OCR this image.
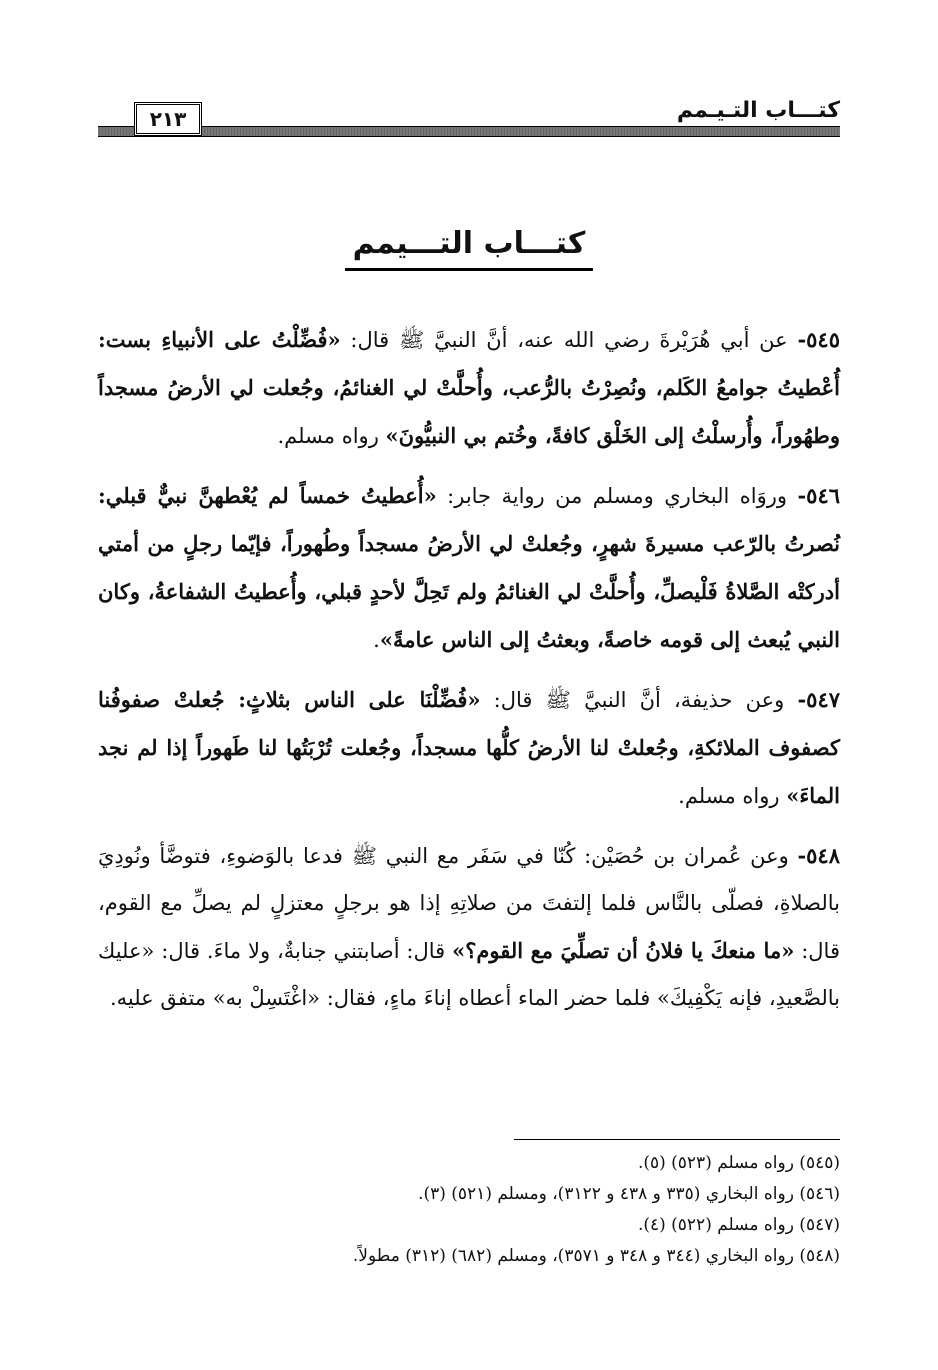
كتـــاب التـيـمم
٢١٣
كتـــاب التـــيمم

٥٤٥- عن أبي هُرَيْرةَ رضي الله عنه، أنَّ النبيَّ ﷺ قال: «فُضِّلْتُ على الأنبياءِ بست: أُعْطيتُ جوامعُ الكَلم، ونُصِرْتُ بالرُّعب، وأُحلَّتْ لي الغنائمُ، وجُعلت لي الأرضُ مسجداً وطهُوراً، وأُرسلْتُ إلى الخَلْق كافةً، وخُتم بي النبيُّونَ» رواه مسلم.

٥٤٦- وروَاه البخاري ومسلم من رواية جابر: «أُعطيتُ خمساً لم يُعْطهنَّ نبيٌّ قبلي: نُصرتُ بالرّعب مسيرةَ شهرٍ، وجُعلتْ لي الأرضُ مسجداً وطُهوراً، فإيّما رجلٍ من أمتي أدركتْه الصَّلاةُ فَلْيصلِّ، وأُحلَّتْ لي الغنائمُ ولم تَحِلَّ لأحدٍ قبلي، وأُعطيتُ الشفاعةُ، وكان النبي يُبعث إلى قومه خاصةً، وبعثتُ إلى الناس عامةً».

٥٤٧- وعن حذيفة، أنَّ النبيَّ ﷺ قال: «فُضِّلْنَا على الناس بثلاثٍ: جُعلتْ صفوفُنا كصفوف الملائكةِ، وجُعلتْ لنا الأرضُ كلُّها مسجداً، وجُعلت تُرْبَتُها لنا طَهوراً إذا لم نجد الماءَ» رواه مسلم.

٥٤٨- وعن عُمران بن حُصَيْن: كُنّا في سَفَر مع النبي ﷺ فدعا بالوَضوءِ، فتوضَّأ ونُودِيَ بالصلاةِ، فصلّى بالنَّاس فلما إلتفتَ من صلاتِهِ إذا هو برجلٍ معتزلٍ لم يصلِّ مع القوم، قال: «ما منعكَ يا فلانُ أن تصلِّيَ مع القوم؟» قال: أصابتني جنابةٌ، ولا ماءَ. قال: «عليك بالصَّعيدِ، فإنه يَكْفِيكَ» فلما حضر الماء أعطاه إناءَ ماءٍ، فقال: «اغْتَسِلْ به» متفق عليه.

(٥٤٥) رواه مسلم (٥٢٣) (٥).

(٥٤٦) رواه البخاري (٣٣٥ و ٤٣٨ و ٣١٢٢)، ومسلم (٥٢١) (٣).

(٥٤٧) رواه مسلم (٥٢٢) (٤).

(٥٤٨) رواه البخاري (٣٤٤ و ٣٤٨ و ٣٥٧١)، ومسلم (٦٨٢) (٣١٢) مطولاً.
